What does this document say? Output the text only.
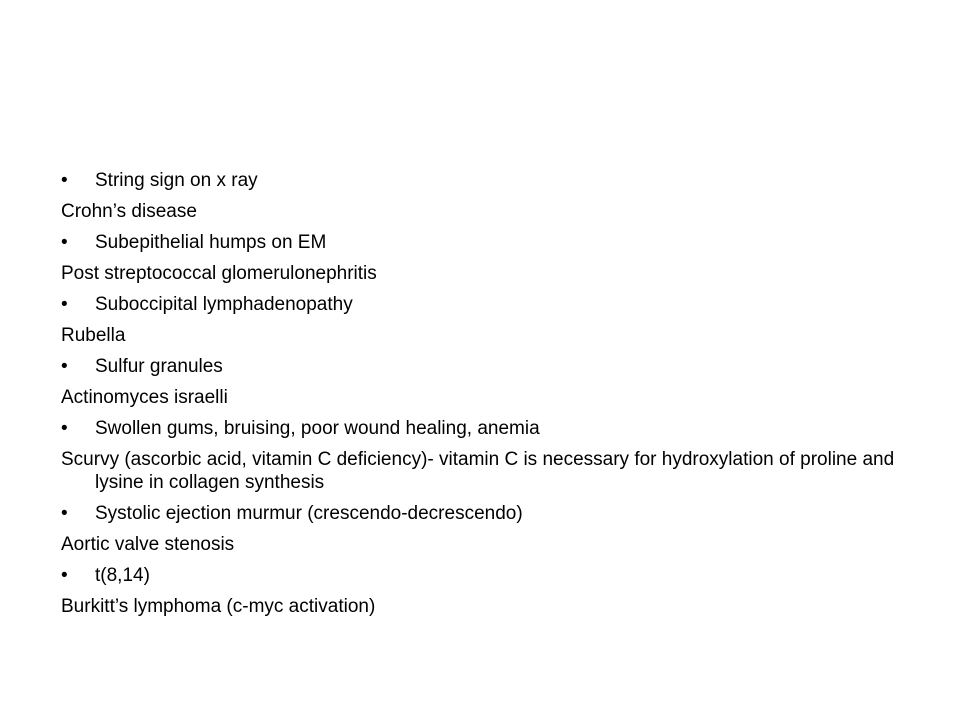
• String sign on x ray
Crohn’s disease
• Subepithelial humps on EM
Post streptococcal glomerulonephritis
• Suboccipital lymphadenopathy
Rubella
• Sulfur granules
Actinomyces israelli
• Swollen gums, bruising, poor wound healing, anemia
Scurvy (ascorbic acid, vitamin C deficiency)- vitamin C is necessary for hydroxylation of proline and lysine in collagen synthesis
• Systolic ejection murmur (crescendo-decrescendo)
Aortic valve stenosis
• t(8,14)
Burkitt’s lymphoma (c-myc activation)
